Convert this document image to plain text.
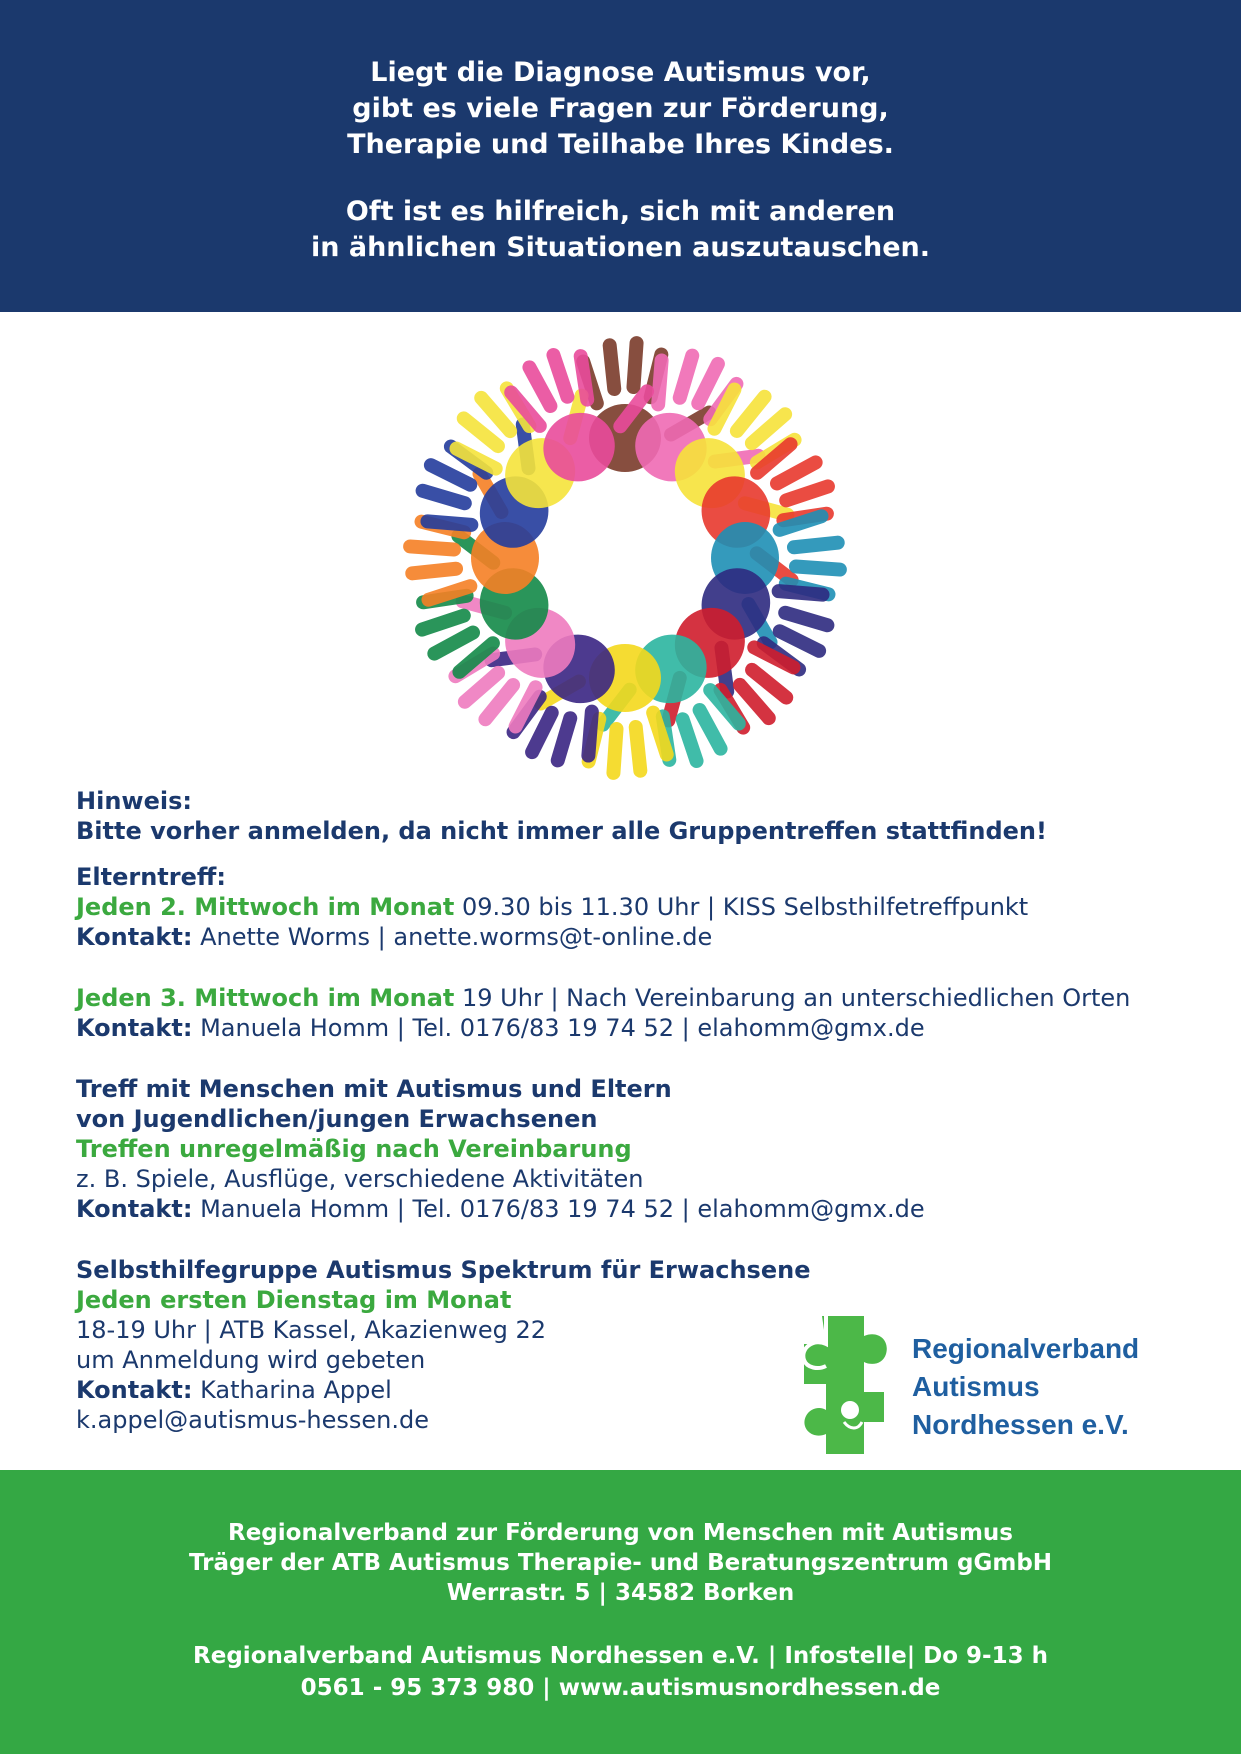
Liegt die Diagnose Autismus vor,
gibt es viele Fragen zur Förderung,
Therapie und Teilhabe Ihres Kindes.
Oft ist es hilfreich, sich mit anderen
in ähnlichen Situationen auszutauschen.
Hinweis:
Bitte vorher anmelden, da nicht immer alle Gruppentreffen stattfinden!
Elterntreff:
Jeden 2. Mittwoch im Monat 09.30 bis 11.30 Uhr | KISS Selbsthilfetreffpunkt
Kontakt: Anette Worms | anette.worms@t-online.de
Jeden 3. Mittwoch im Monat 19 Uhr | Nach Vereinbarung an unterschiedlichen Orten
Kontakt: Manuela Homm | Tel. 0176/83 19 74 52 | elahomm@gmx.de
Treff mit Menschen mit Autismus und Eltern
von Jugendlichen/jungen Erwachsenen
Treffen unregelmäßig nach Vereinbarung
z. B. Spiele, Ausflüge, verschiedene Aktivitäten
Kontakt: Manuela Homm | Tel. 0176/83 19 74 52 | elahomm@gmx.de
Selbsthilfegruppe Autismus Spektrum für Erwachsene
Jeden ersten Dienstag im Monat
18-19 Uhr | ATB Kassel, Akazienweg 22
um Anmeldung wird gebeten
Kontakt: Katharina Appel
k.appel@autismus-hessen.de
Regionalverband
Autismus
Nordhessen e.V.
Regionalverband zur Förderung von Menschen mit Autismus
Träger der ATB Autismus Therapie- und Beratungszentrum gGmbH
Werrastr. 5 | 34582 Borken
Regionalverband Autismus Nordhessen e.V. | Infostelle| Do 9-13 h
0561 - 95 373 980 | www.autismusnordhessen.de
